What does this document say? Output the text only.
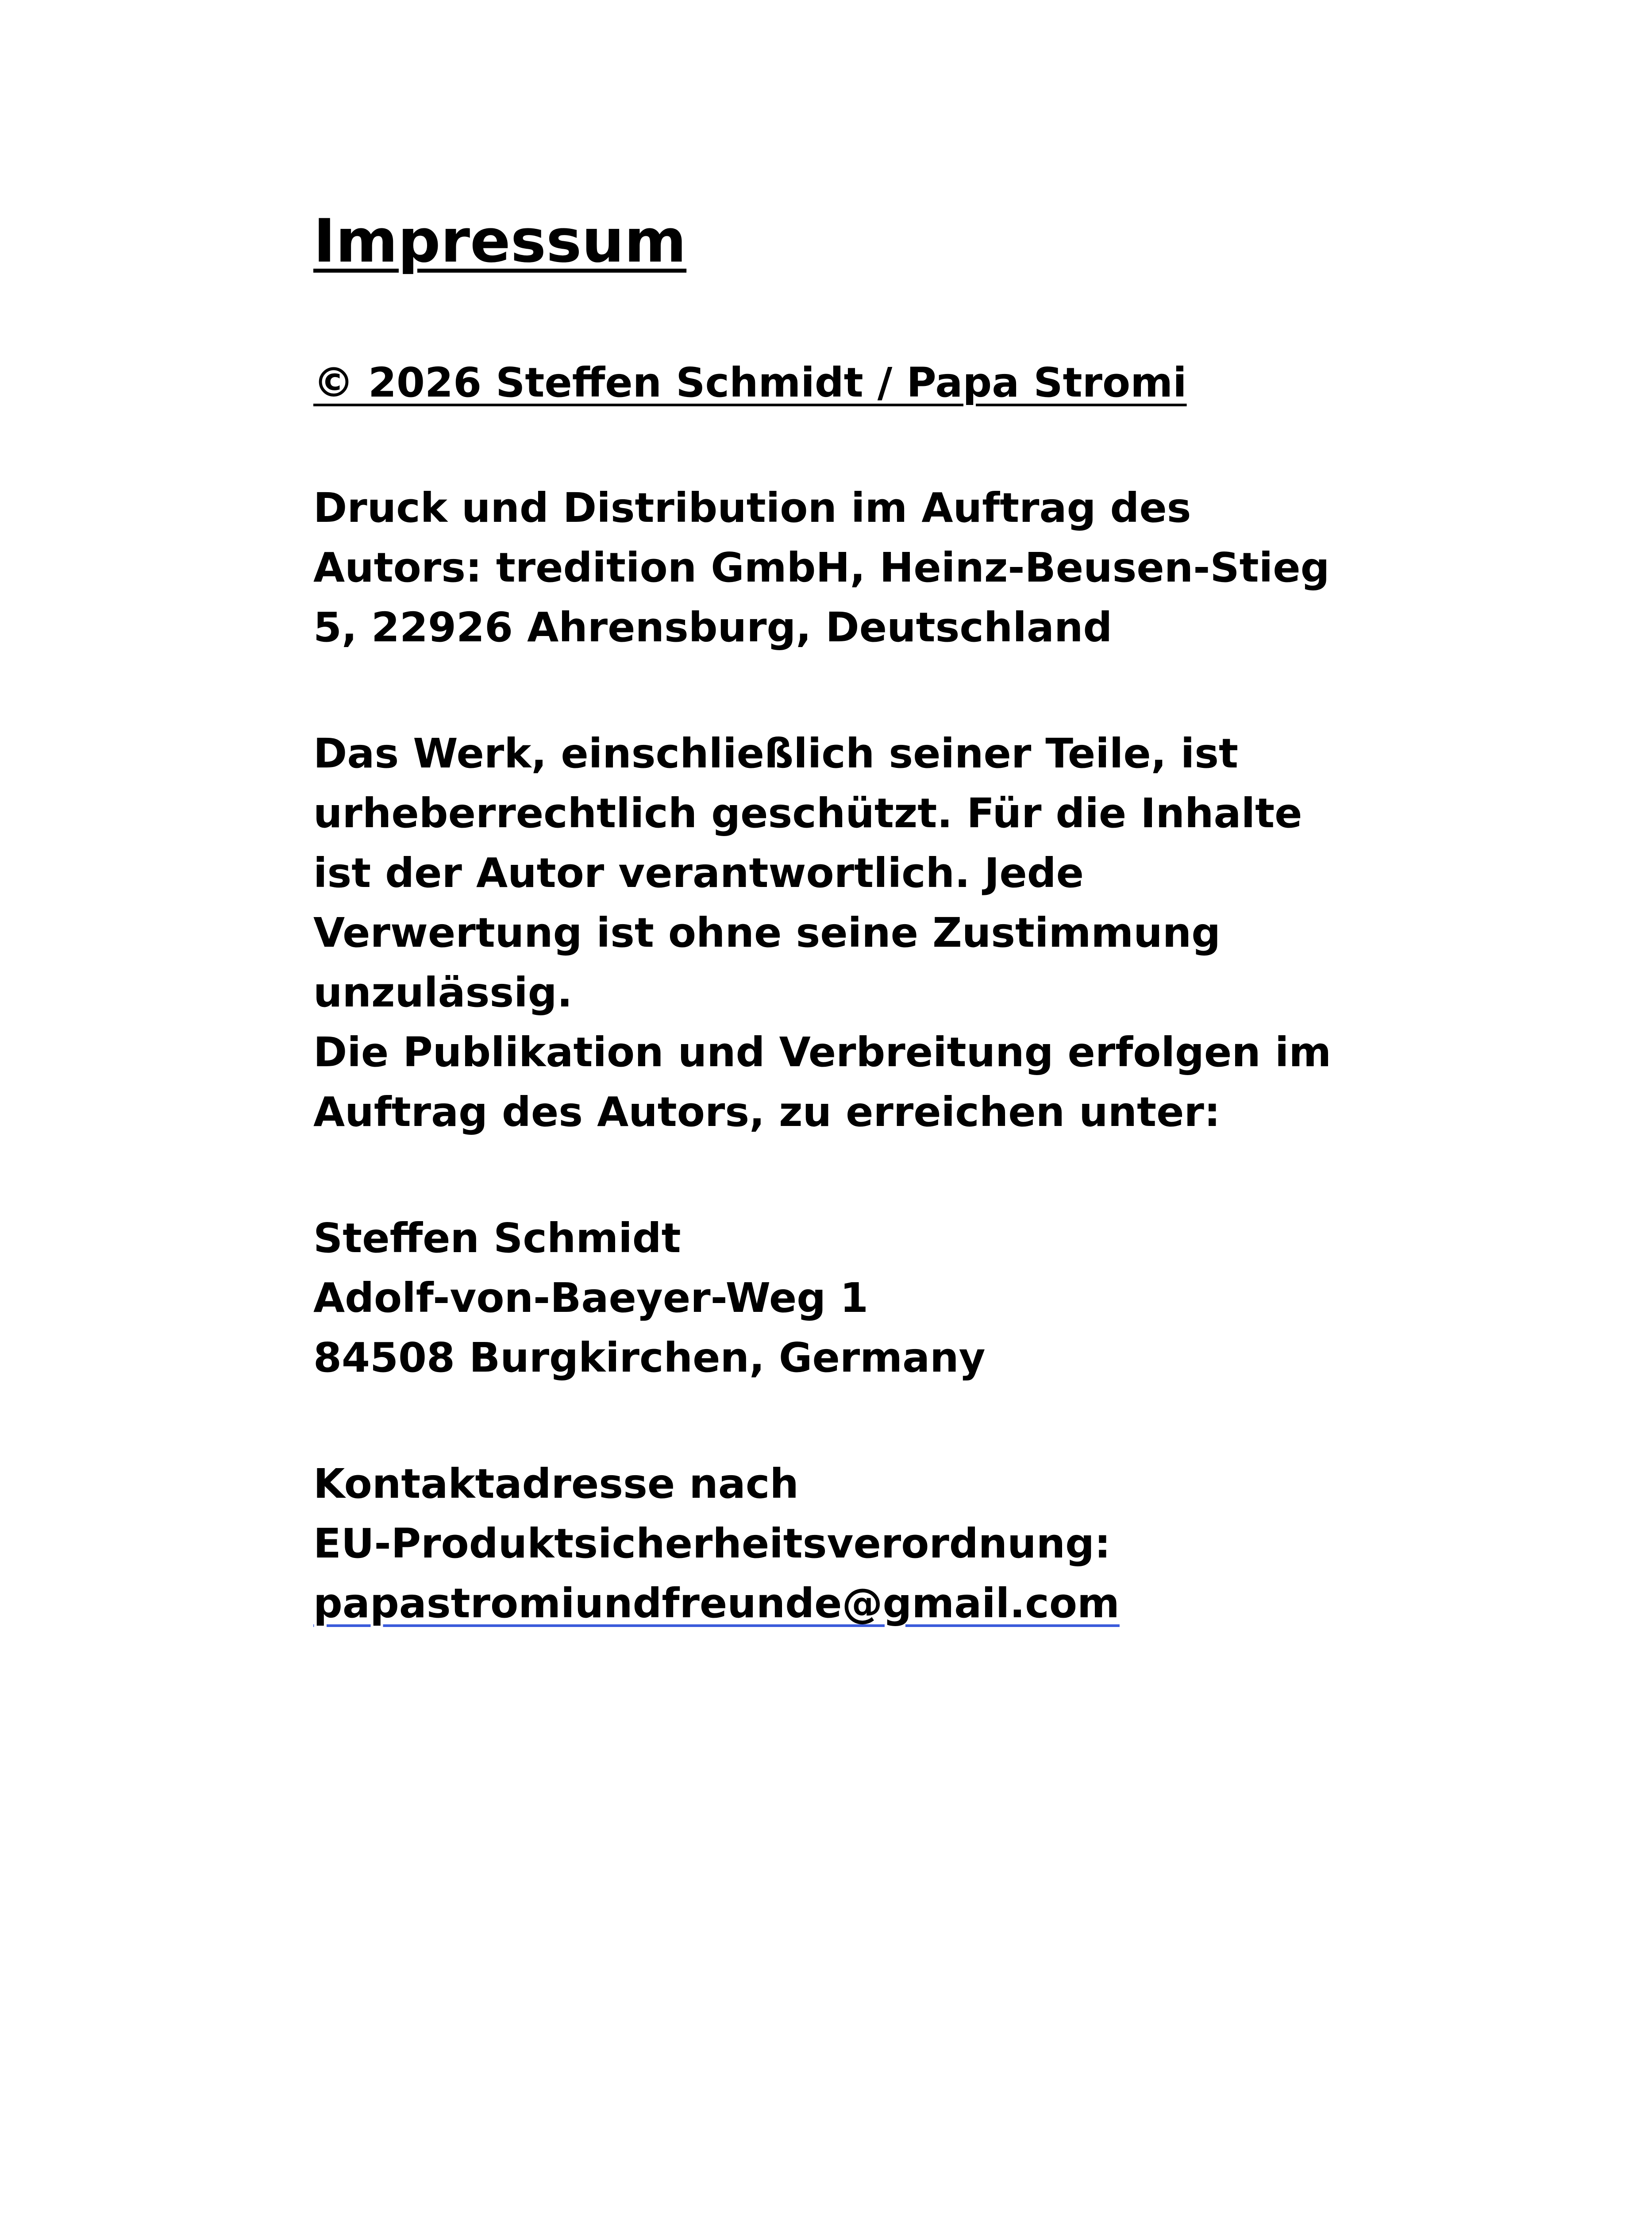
Impressum
© 2026 Steffen Schmidt / Papa Stromi
Druck und Distribution im Auftrag des
Autors: tredition GmbH, Heinz-Beusen-Stieg
5, 22926 Ahrensburg, Deutschland
Das Werk, einschließlich seiner Teile, ist
urheberrechtlich geschützt. Für die Inhalte
ist der Autor verantwortlich. Jede
Verwertung ist ohne seine Zustimmung
unzulässig.
Die Publikation und Verbreitung erfolgen im
Auftrag des Autors, zu erreichen unter:
Steffen Schmidt
Adolf-von-Baeyer-Weg 1
84508 Burgkirchen, Germany
Kontaktadresse nach
EU-Produktsicherheitsverordnung:
papastromiundfreunde@gmail.com
